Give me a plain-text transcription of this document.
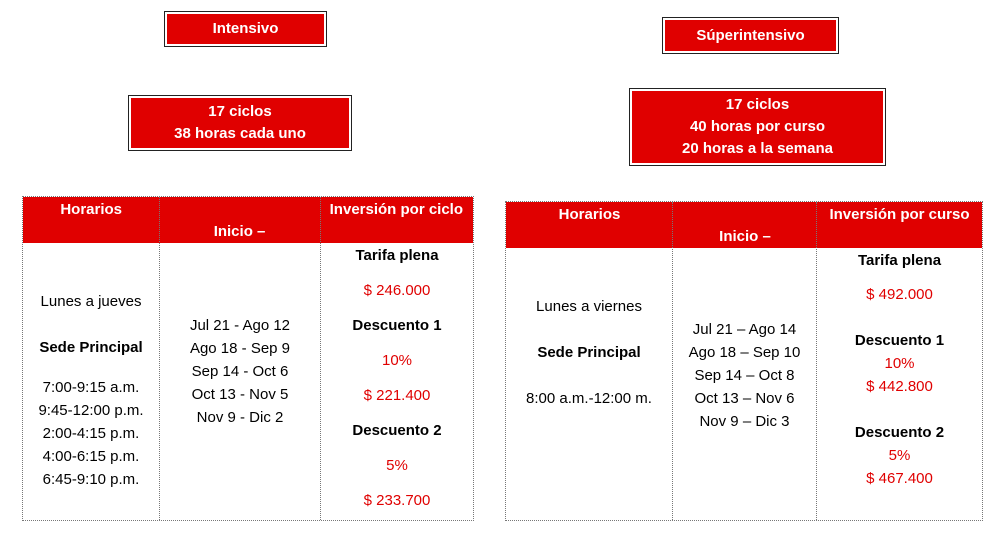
Intensivo
17 ciclos
38 horas cada uno
Horarios

Inicio –
Finalización

Inversión por ciclo
Lunes a jueves
Sede Principal
7:00-9:15 a.m.
9:45-12:00 p.m.
2:00-4:15 p.m.
4:00-6:15 p.m.
6:45-9:10 p.m.
Jul 21 - Ago 12
Ago 18 - Sep 9
Sep 14 - Oct 6
Oct 13 - Nov 5
Nov 9 - Dic 2
Tarifa plena
$ 246.000
Descuento 1
10%
$ 221.400
Descuento 2
5%
$ 233.700
Súperintensivo
17 ciclos
40 horas por curso
20 horas a la semana
Horarios

Inicio –
Finalización

Inversión por curso
Lunes a viernes
Sede Principal
8:00 a.m.-12:00 m.
Jul 21 – Ago 14
Ago 18 – Sep 10
Sep 14 – Oct 8
Oct 13 – Nov 6
Nov 9 – Dic 3
Tarifa plena
$ 492.000
Descuento 1
10%
$ 442.800
Descuento 2
5%
$ 467.400
